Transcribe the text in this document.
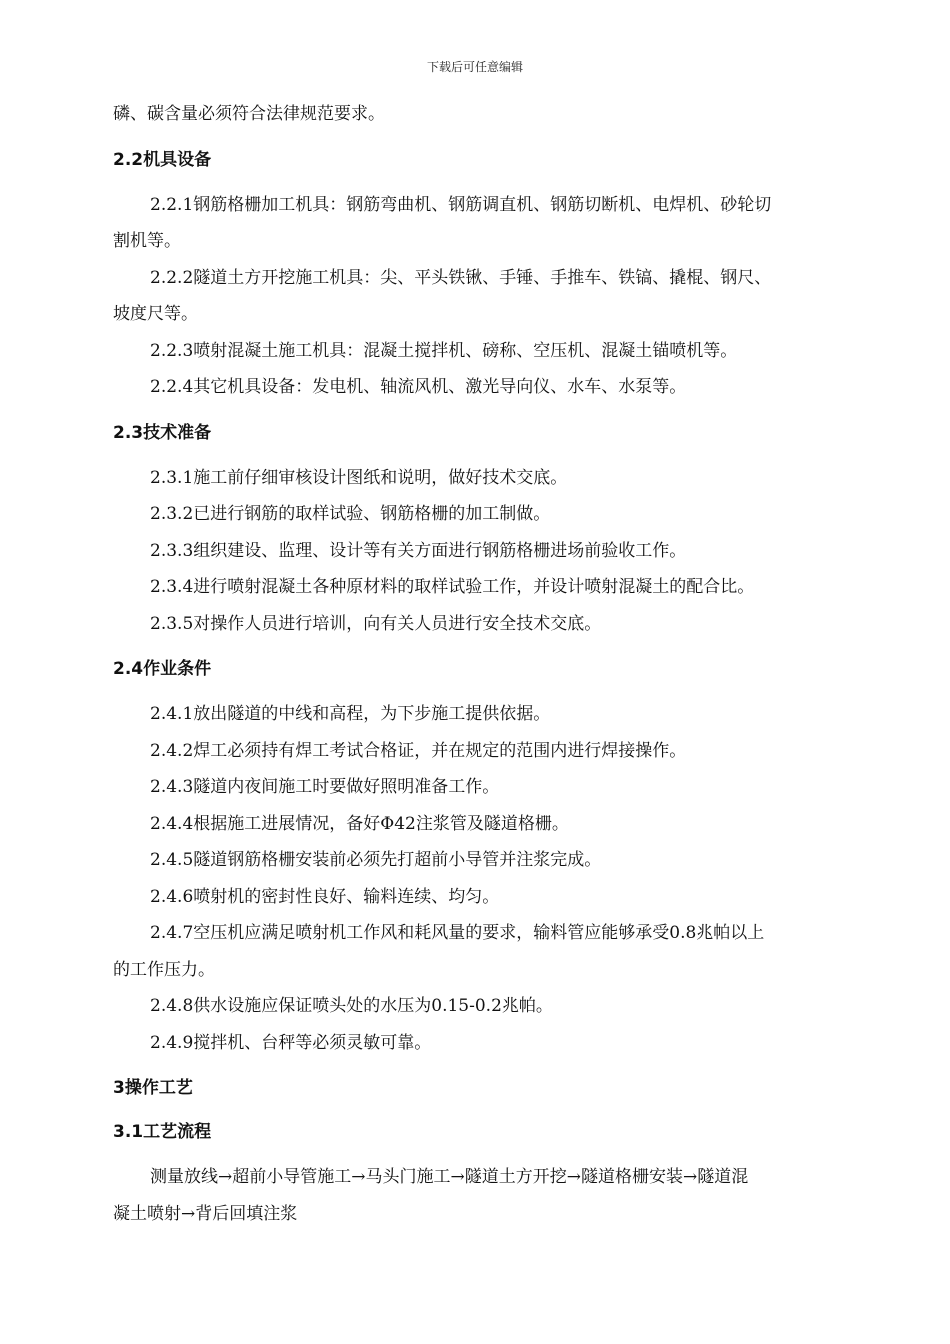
下载后可任意编辑

磷、碳含量必须符合法律规范要求。

2.2机具设备

2.2.1钢筋格栅加工机具：钢筋弯曲机、钢筋调直机、钢筋切断机、电焊机、砂轮切

割机等。

2.2.2隧道土方开挖施工机具：尖、平头铁锹、手锤、手推车、铁镐、撬棍、钢尺、

坡度尺等。

2.2.3喷射混凝土施工机具：混凝土搅拌机、磅称、空压机、混凝土锚喷机等。

2.2.4其它机具设备：发电机、轴流风机、激光导向仪、水车、水泵等。

2.3技术准备

2.3.1施工前仔细审核设计图纸和说明，做好技术交底。

2.3.2已进行钢筋的取样试验、钢筋格栅的加工制做。

2.3.3组织建设、监理、设计等有关方面进行钢筋格栅进场前验收工作。

2.3.4进行喷射混凝土各种原材料的取样试验工作，并设计喷射混凝土的配合比。

2.3.5对操作人员进行培训，向有关人员进行安全技术交底。

2.4作业条件

2.4.1放出隧道的中线和高程，为下步施工提供依据。

2.4.2焊工必须持有焊工考试合格证，并在规定的范围内进行焊接操作。

2.4.3隧道内夜间施工时要做好照明准备工作。

2.4.4根据施工进展情况，备好Φ42注浆管及隧道格栅。

2.4.5隧道钢筋格栅安装前必须先打超前小导管并注浆完成。

2.4.6喷射机的密封性良好、输料连续、均匀。

2.4.7空压机应满足喷射机工作风和耗风量的要求，输料管应能够承受0.8兆帕以上

的工作压力。

2.4.8供水设施应保证喷头处的水压为0.15-0.2兆帕。

2.4.9搅拌机、台秤等必须灵敏可靠。

3操作工艺

3.1工艺流程

测量放线→超前小导管施工→马头门施工→隧道土方开挖→隧道格栅安装→隧道混

凝土喷射→背后回填注浆
